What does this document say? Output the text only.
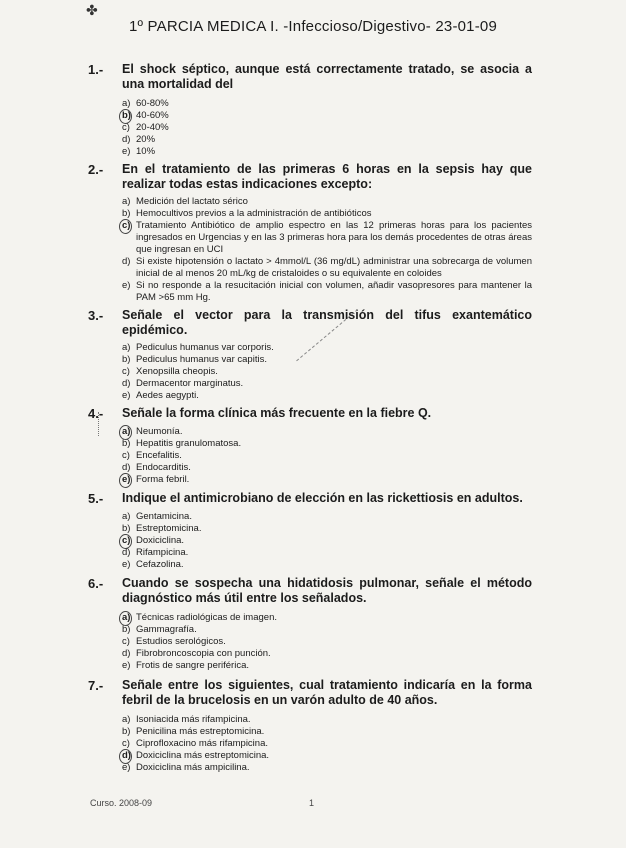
✤
1º PARCIA MEDICA I. -Infeccioso/Digestivo- 23-01-09
1.- El shock séptico, aunque está correctamente tratado, se asocia a una mortalidad del
a) 60-80%
b) 40-60%
c) 20-40%
d) 20%
e) 10%
2.- En el tratamiento de las primeras 6 horas en la sepsis hay que realizar todas estas indicaciones excepto:
a) Medición del lactato sérico
b) Hemocultivos previos a la administración de antibióticos
c) Tratamiento Antibiótico de amplio espectro en las 12 primeras horas para los pacientes ingresados en Urgencias y en las 3 primeras hora para los demás procedentes de otras áreas que ingresan en UCI
d) Si existe hipotensión o lactato > 4mmol/L (36 mg/dL) administrar una sobrecarga de volumen inicial de al menos 20 mL/kg de cristaloides o su equivalente en coloides
e) Si no responde a la resucitación inicial con volumen, añadir vasopresores para mantener la PAM >65 mm Hg.
3.- Señale el vector para la transmisión del tifus exantemático epidémico.
a) Pediculus humanus var corporis.
b) Pediculus humanus var capitis.
c) Xenopsilla cheopis.
d) Dermacentor marginatus.
e) Aedes aegypti.
4.- Señale la forma clínica más frecuente en la fiebre Q.
a) Neumonía.
b) Hepatitis granulomatosa.
c) Encefalitis.
d) Endocarditis.
e) Forma febril.
5.- Indique el antimicrobiano de elección en las rickettiosis en adultos.
a) Gentamicina.
b) Estreptomicina.
c) Doxiciclina.
d) Rifampicina.
e) Cefazolina.
6.- Cuando se sospecha una hidatidosis pulmonar, señale el método diagnóstico más útil entre los señalados.
a) Técnicas radiológicas de imagen.
b) Gammagrafía.
c) Estudios serológicos.
d) Fibrobroncoscopia con punción.
e) Frotis de sangre periférica.
7.- Señale entre los siguientes, cual tratamiento indicaría en la forma febril de la brucelosis en un varón adulto de 40 años.
a) Isoniacida más rifampicina.
b) Penicilina más estreptomicina.
c) Ciprofloxacino más rifampicina.
d) Doxiciclina más estreptomicina.
e) Doxiciclina más ampicilina.
Curso. 2008-09	1
